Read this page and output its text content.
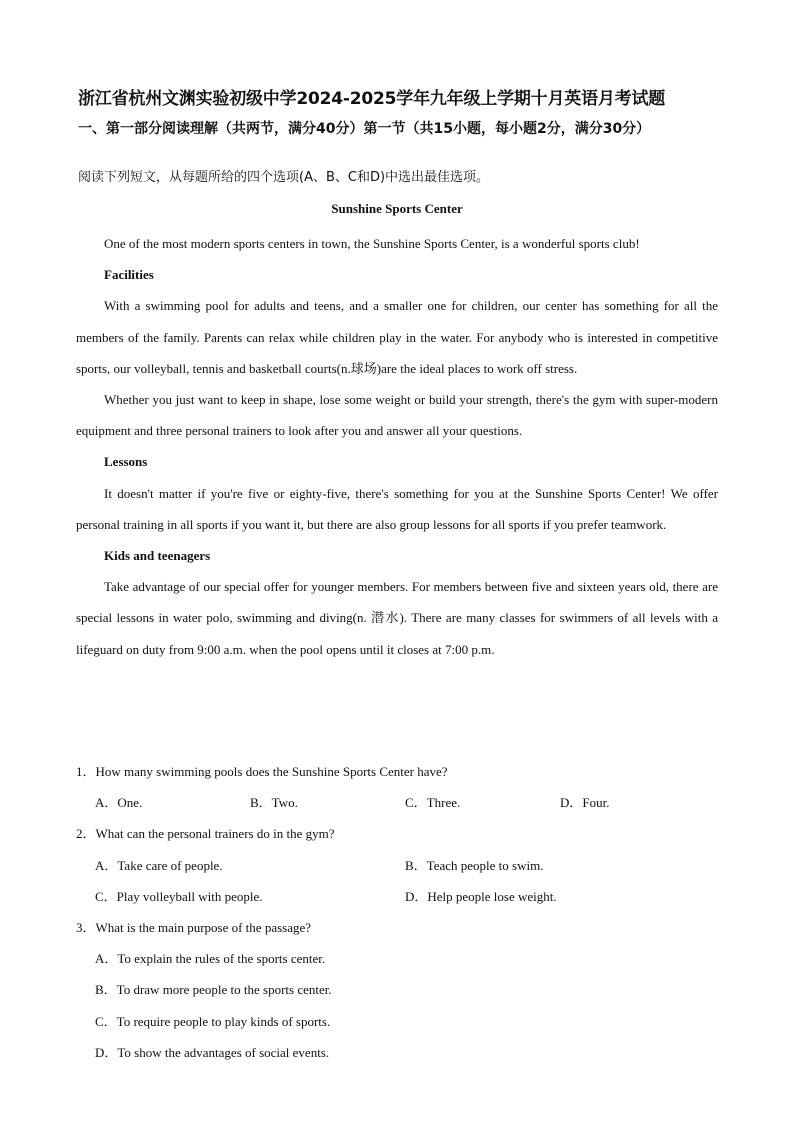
浙江省杭州文渊实验初级中学2024-2025学年九年级上学期十月英语月考试题
一、第一部分阅读理解（共两节，满分40分）第一节（共15小题，每小题2分，满分30分）
阅读下列短文，从每题所给的四个选项(A、B、C和D)中选出最佳选项。
Sunshine Sports Center

One of the most modern sports centers in town, the Sunshine Sports Center, is a wonderful sports club!

Facilities

With a swimming pool for adults and teens, and a smaller one for children, our center has something for all the members of the family. Parents can relax while children play in the water. For anybody who is interested in competitive sports, our volleyball, tennis and basketball courts(n.球场)are the ideal places to work off stress.

Whether you just want to keep in shape, lose some weight or build your strength, there's the gym with super-modern equipment and three personal trainers to look after you and answer all your questions.

Lessons

It doesn't matter if you're five or eighty-five, there's something for you at the Sunshine Sports Center! We offer personal training in all sports if you want it, but there are also group lessons for all sports if you prefer teamwork.

Kids and teenagers

Take advantage of our special offer for younger members. For members between five and sixteen years old, there are special lessons in water polo, swimming and diving(n. 潜水). There are many classes for swimmers of all levels with a lifeguard on duty from 9:00 a.m. when the pool opens until it closes at 7:00 p.m.

1．How many swimming pools does the Sunshine Sports Center have?

A．One.	B．Two.	C．Three.	D．Four.

2．What can the personal trainers do in the gym?

A．Take care of people.	B．Teach people to swim.
C．Play volleyball with people.	D．Help people lose weight.

3．What is the main purpose of the passage?

A．To explain the rules of the sports center.
B．To draw more people to the sports center.
C．To require people to play kinds of sports.
D．To show the advantages of social events.
